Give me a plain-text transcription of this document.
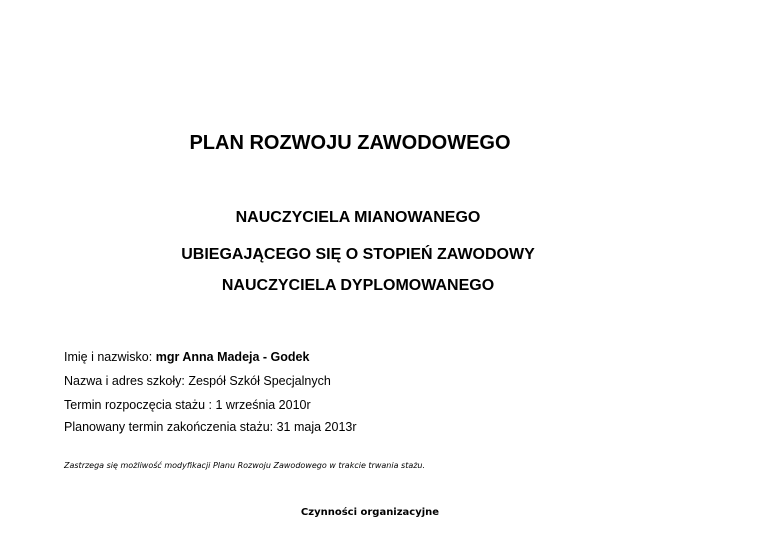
PLAN ROZWOJU ZAWODOWEGO
NAUCZYCIELA MIANOWANEGO
UBIEGAJĄCEGO SIĘ O STOPIEŃ ZAWODOWY
NAUCZYCIELA DYPLOMOWANEGO

Imię i nazwisko: mgr Anna Madeja - Godek

Nazwa i adres szkoły: Zespół Szkół Specjalnych

Termin rozpoczęcia stażu : 1 września 2010r

Planowany termin zakończenia stażu: 31 maja 2013r

Zastrzega się możliwość modyfikacji Planu Rozwoju Zawodowego w trakcie trwania stażu.

Czynności organizacyjne
